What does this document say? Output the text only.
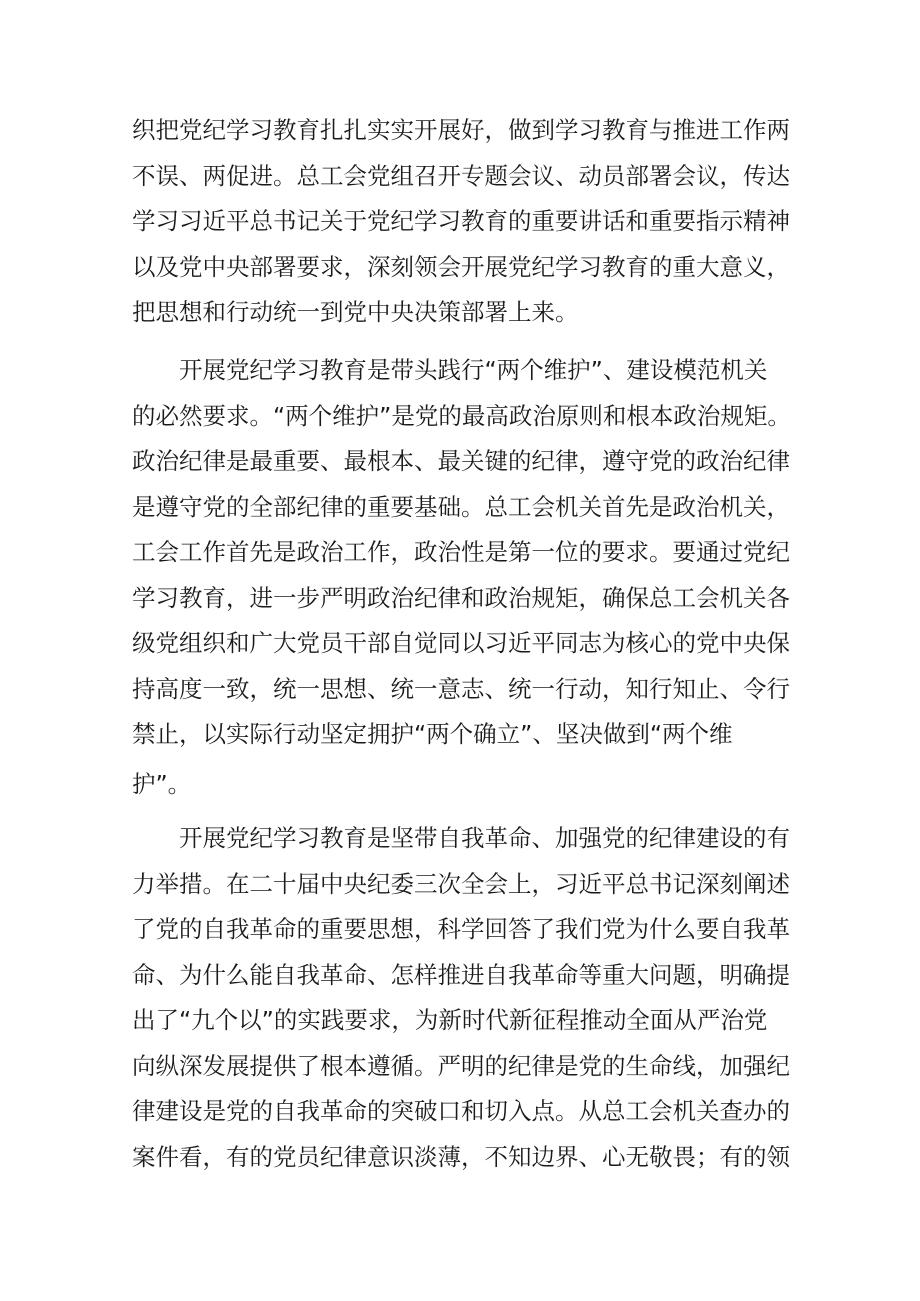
织把党纪学习教育扎扎实实开展好，做到学习教育与推进工作两
不误、两促进。总工会党组召开专题会议、动员部署会议，传达
学习习近平总书记关于党纪学习教育的重要讲话和重要指示精神
以及党中央部署要求，深刻领会开展党纪学习教育的重大意义，
把思想和行动统一到党中央决策部署上来。
　　开展党纪学习教育是带头践行“两个维护”、建设模范机关
的必然要求。“两个维护”是党的最高政治原则和根本政治规矩。
政治纪律是最重要、最根本、最关键的纪律，遵守党的政治纪律
是遵守党的全部纪律的重要基础。总工会机关首先是政治机关，
工会工作首先是政治工作，政治性是第一位的要求。要通过党纪
学习教育，进一步严明政治纪律和政治规矩，确保总工会机关各
级党组织和广大党员干部自觉同以习近平同志为核心的党中央保
持高度一致，统一思想、统一意志、统一行动，知行知止、令行
禁止，以实际行动坚定拥护“两个确立”、坚决做到“两个维
护”。
　　开展党纪学习教育是坚带自我革命、加强党的纪律建设的有
力举措。在二十届中央纪委三次全会上，习近平总书记深刻阐述
了党的自我革命的重要思想，科学回答了我们党为什么要自我革
命、为什么能自我革命、怎样推进自我革命等重大问题，明确提
出了“九个以”的实践要求，为新时代新征程推动全面从严治党
向纵深发展提供了根本遵循。严明的纪律是党的生命线，加强纪
律建设是党的自我革命的突破口和切入点。从总工会机关查办的
案件看，有的党员纪律意识淡薄，不知边界、心无敬畏；有的领
